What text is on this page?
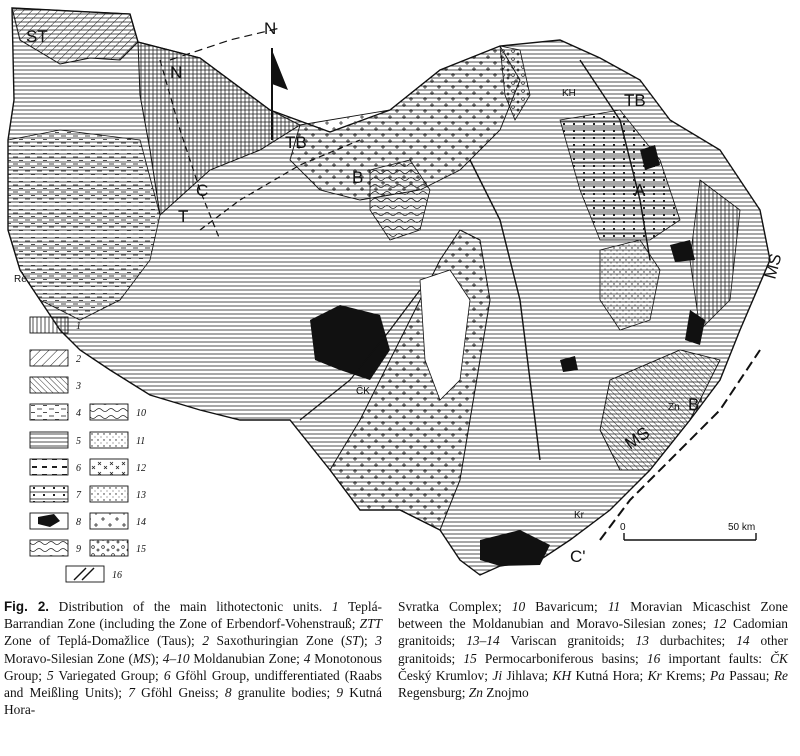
N
ST
TB
TB
MS
MS
N
T
C
B
A
B'
C'
KH
Re
ČK
Zn
Kr
0	50 km
1
2
3
4
5
6
7
8
9
10
11
12
13
14
15
16
Fig. 2. Distribution of the main lithotectonic units. 1 Teplá-Barrandian Zone (including the Zone of Erbendorf-Vohenstrauß; ZTT Zone of Teplá-Domažlice (Taus); 2 Saxothuringian Zone (ST); 3 Moravo-Silesian Zone (MS); 4–10 Moldanubian Zone; 4 Monotonous Group; 5 Variegated Group; 6 Gföhl Group, undifferentiated (Raabs and Meißling Units); 7 Gföhl Gneiss; 8 granulite bodies; 9 Kutná Hora-
Svratka Complex; 10 Bavaricum; 11 Moravian Micaschist Zone between the Moldanubian and Moravo-Silesian zones; 12 Cadomian granitoids; 13–14 Variscan granitoids; 13 durbachites; 14 other granitoids; 15 Permocarboniferous basins; 16 important faults: ČK Český Krumlov; Ji Jihlava; KH Kutná Hora; Kr Krems; Pa Passau; Re Regensburg; Zn Znojmo
